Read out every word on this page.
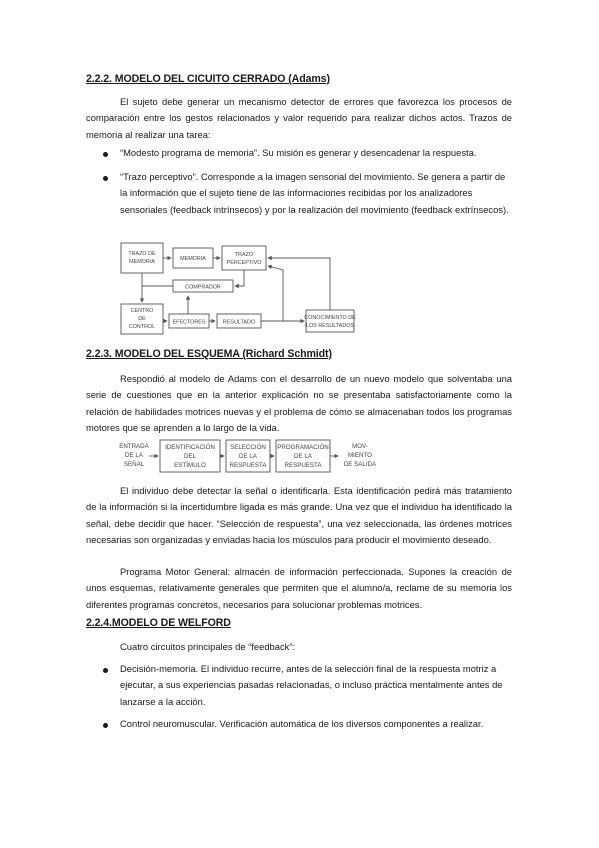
2.2.2. MODELO DEL CICUITO CERRADO (Adams)

El sujeto debe generar un mecanismo detector de errores que favorezca los procesos de comparación entre los gestos relacionados y valor requerido para realizar dichos actos. Trazos de memoria al realizar una tarea:

“Modesto programa de memoria”. Su misión es generar y desencadenar la respuesta.

“Trazo perceptivo”. Corresponde a la imagen sensorial del movimiento. Se genera a partir de la información que el sujeto tiene de las informaciones recibidas por los analizadores sensoriales (feedback intrínsecos) y por la realización del movimiento (feedback extrínsecos).

TRAZO DE
MEMORIA	MEMORIA
TRAZO
PERCEPTIVO
COMPRADOR
CENTRO
DE
CONTROL
EFECTORES	RESULTADO
CONOCIMIENTO DE
LOS RESULTADOS
2.2.3. MODELO DEL ESQUEMA (Richard Schmidt)

Respondió al modelo de Adams con el desarrollo de un nuevo modelo que solventaba una serie de cuestiones que en la anterior explicación no se presentaba satisfactoriamente como la relación de habilidades motrices nuevas y el problema de cómo se almacenaban todos los programas motores que se aprenden a lo largo de la vida.

ENTRADA
DE LA
SEÑAL
IDENTIFICACIÓN
DEL
ESTÍMULO
SELECCIÓN
DE LA
RESPUESTA
PROGRAMACIÓN
DE LA
RESPUESTA
MOV-
MIENTO
DE SALIDA

El individuo debe detectar la señal o identificarla. Esta identificación pedirá más tratamiento de la información si la incertidumbre ligada es más grande. Una vez que el individuo ha identificado la señal, debe decidir que hacer. “Selección de respuesta”, una vez seleccionada, las órdenes motrices necesarias son organizadas y enviadas hacia los músculos para producir el movimiento deseado.

Programa Motor General: almacén de información perfeccionada. Supones la creación de unos esquemas, relativamente generales que permiten que el alumno/a, reclame de su memoria los diferentes programas concretos, necesarios para solucionar problemas motrices.

2.2.4.MODELO DE WELFORD

Cuatro circuitos principales de “feedback”:

Decisión-memoria. El individuo recurre, antes de la selección final de la respuesta motriz a ejecutar, a sus experiencias pasadas relacionadas, o incluso práctica mentalmente antes de lanzarse a la acción.

Control neuromuscular. Verificación automática de los diversos componentes a realizar.
